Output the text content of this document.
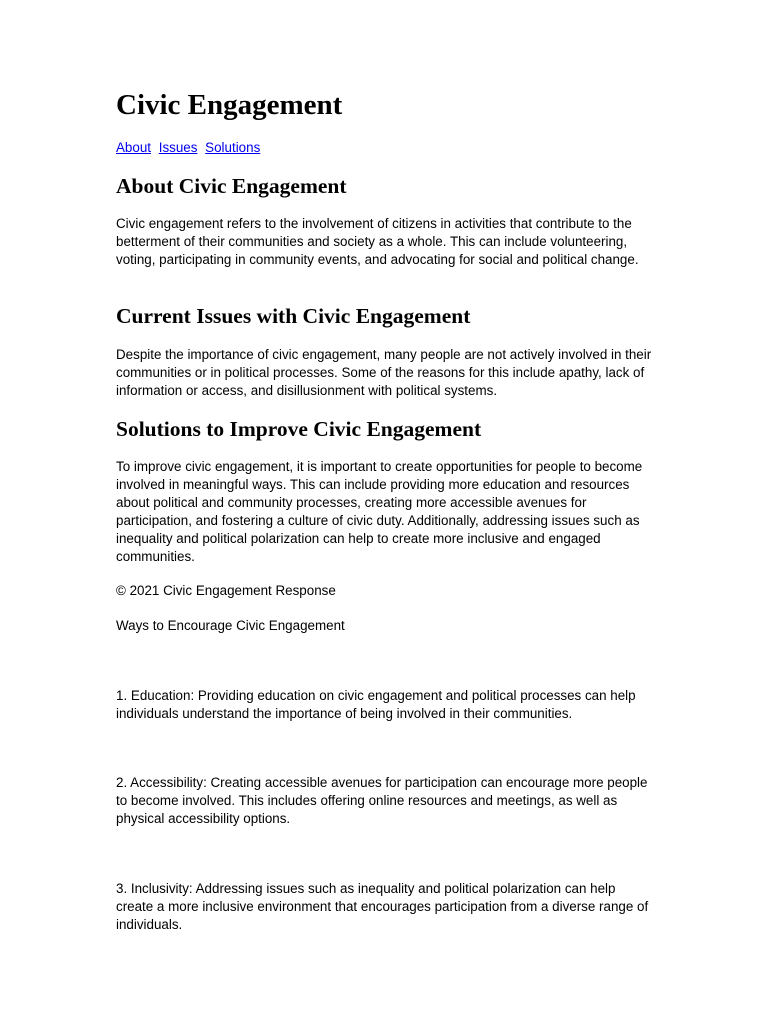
Civic Engagement
About Issues Solutions
About Civic Engagement

Civic engagement refers to the involvement of citizens in activities that contribute to the betterment of their communities and society as a whole. This can include volunteering, voting, participating in community events, and advocating for social and political change.

Current Issues with Civic Engagement

Despite the importance of civic engagement, many people are not actively involved in their communities or in political processes. Some of the reasons for this include apathy, lack of information or access, and disillusionment with political systems.

Solutions to Improve Civic Engagement

To improve civic engagement, it is important to create opportunities for people to become involved in meaningful ways. This can include providing more education and resources about political and community processes, creating more accessible avenues for participation, and fostering a culture of civic duty. Additionally, addressing issues such as inequality and political polarization can help to create more inclusive and engaged communities.

© 2021 Civic Engagement Response

Ways to Encourage Civic Engagement

1. Education: Providing education on civic engagement and political processes can help individuals understand the importance of being involved in their communities.

2. Accessibility: Creating accessible avenues for participation can encourage more people to become involved. This includes offering online resources and meetings, as well as physical accessibility options.

3. Inclusivity: Addressing issues such as inequality and political polarization can help create a more inclusive environment that encourages participation from a diverse range of individuals.
